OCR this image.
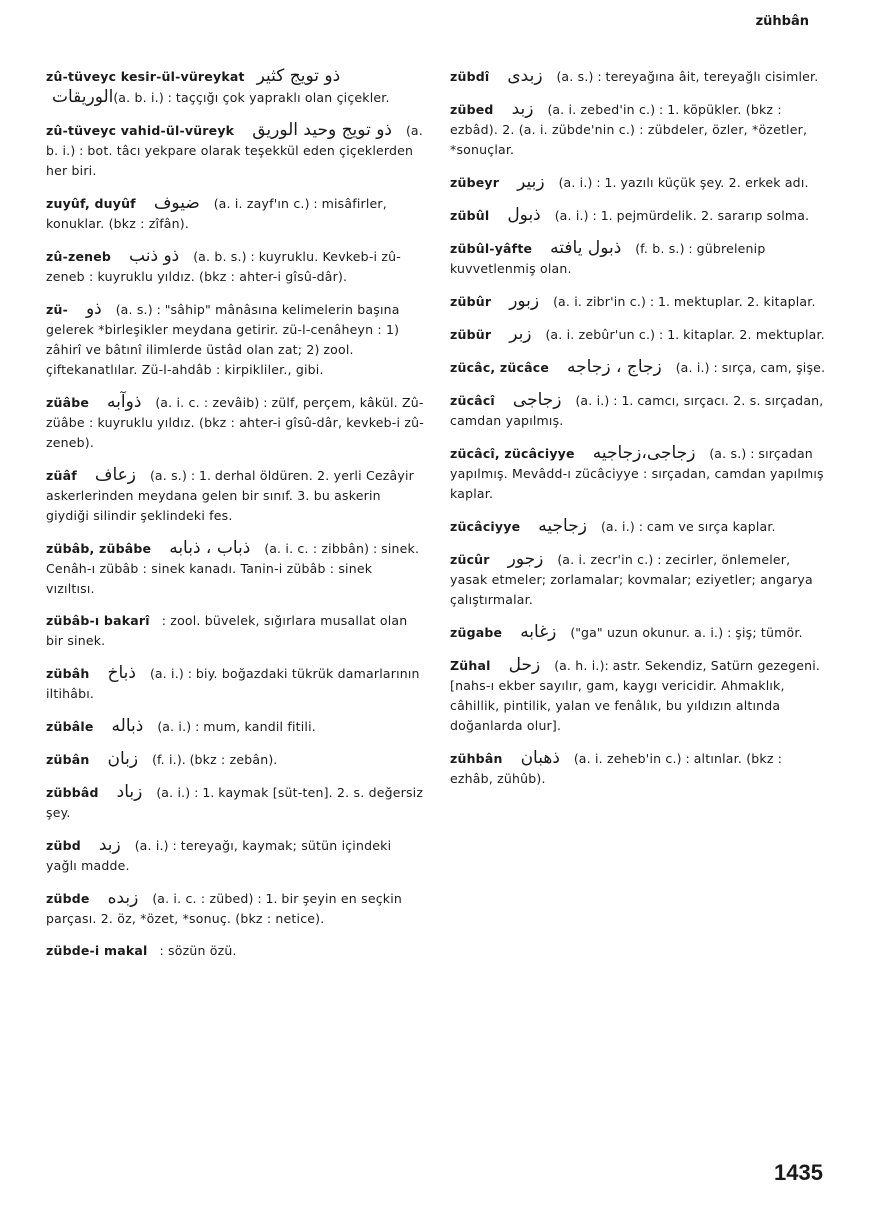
zühbân

zû-tüveyc kesir-ül-vüreykat ذو تويج كثير الوريقات(a. b. i.) : taççığı çok yapraklı olan çiçekler.

zû-tüveyc vahid-ül-vüreyk ذو تويج وحيد الوريق (a. b. i.) : bot. tâcı yekpare olarak teşekkül eden çiçeklerden her biri.

zuyûf, duyûf ضيوف (a. i. zayf'ın c.) : misâfirler, konuklar. (bkz : zîfân).

zû-zeneb ذو ذنب (a. b. s.) : kuyruklu. Kevkeb-i zû-zeneb : kuyruklu yıldız. (bkz : ahter-i gîsû-dâr).

zü- ذو (a. s.) : "sâhip" mânâsına kelimelerin başına gelerek *birleşikler meydana getirir. zü-l-cenâheyn : 1) zâhirî ve bâtınî ilimlerde üstâd olan zat; 2) zool. çiftekanatlılar. Zü-l-ahdâb : kirpikliler., gibi.

züâbe ذوآبه (a. i. c. : zevâib) : zülf, perçem, kâkül. Zû-züâbe : kuyruklu yıldız. (bkz : ahter-i gîsû-dâr, kevkeb-i zû-zeneb).

züâf زعاف (a. s.) : 1. derhal öldüren. 2. yerli Cezâyir askerlerinden meydana gelen bir sınıf. 3. bu askerin giydiği silindir şeklindeki fes.

zübâb, zübâbe ذباب ، ذبابه (a. i. c. : zibbân) : sinek. Cenâh-ı zübâb : sinek kanadı. Tanin-i zübâb : sinek vızıltısı.

zübâb-ı bakarî : zool. büvelek, sığırlara musallat olan bir sinek.

zübâh ذباخ (a. i.) : biy. boğazdaki tükrük damarlarının iltihâbı.

zübâle ذباله (a. i.) : mum, kandil fitili.

zübân زبان (f. i.). (bkz : zebân).

zübbâd زباد (a. i.) : 1. kaymak [süt-ten]. 2. s. değersiz şey.

zübd زبد (a. i.) : tereyağı, kaymak; sütün içindeki yağlı madde.

zübde زبده (a. i. c. : zübed) : 1. bir şeyin en seçkin parçası. 2. öz, *özet, *sonuç. (bkz : netice).

zübde-i makal : sözün özü.

zübdî زبدى (a. s.) : tereyağına âit, tereyağlı cisimler.

zübed زبد (a. i. zebed'in c.) : 1. köpükler. (bkz : ezbâd). 2. (a. i. zübde'nin c.) : zübdeler, özler, *özetler, *sonuçlar.

zübeyr زبير (a. i.) : 1. yazılı küçük şey. 2. erkek adı.

zübûl ذبول (a. i.) : 1. pejmürdelik. 2. sararıp solma.

zübûl-yâfte ذبول يافته (f. b. s.) : gübrelenip kuvvetlenmiş olan.

zübûr زبور (a. i. zibr'in c.) : 1. mektuplar. 2. kitaplar.

zübür زبر (a. i. zebûr'un c.) : 1. kitaplar. 2. mektuplar.

zücâc, zücâce زجاج ، زجاجه (a. i.) : sırça, cam, şişe.

zücâcî زجاجى (a. i.) : 1. camcı, sırçacı. 2. s. sırçadan, camdan yapılmış.

zücâcî, zücâciyye زجاجى،زجاجيه (a. s.) : sırçadan yapılmış. Mevâdd-ı zücâciyye : sırçadan, camdan yapılmış kaplar.

zücâciyye زجاجيه (a. i.) : cam ve sırça kaplar.

zücûr زجور (a. i. zecr'in c.) : zecirler, önlemeler, yasak etmeler; zorlamalar; kovmalar; eziyetler; angarya çalıştırmalar.

zügabe زغابه ("ga" uzun okunur. a. i.) : şiş; tümör.

Zühal زحل (a. h. i.): astr. Sekendiz, Satürn gezegeni. [nahs-ı ekber sayılır, gam, kaygı vericidir. Ahmaklık, câhillik, pintilik, yalan ve fenâlık, bu yıldızın altında doğanlarda olur].

zühbân ذهبان (a. i. zeheb'in c.) : altınlar. (bkz : ezhâb, zühûb).

1435
